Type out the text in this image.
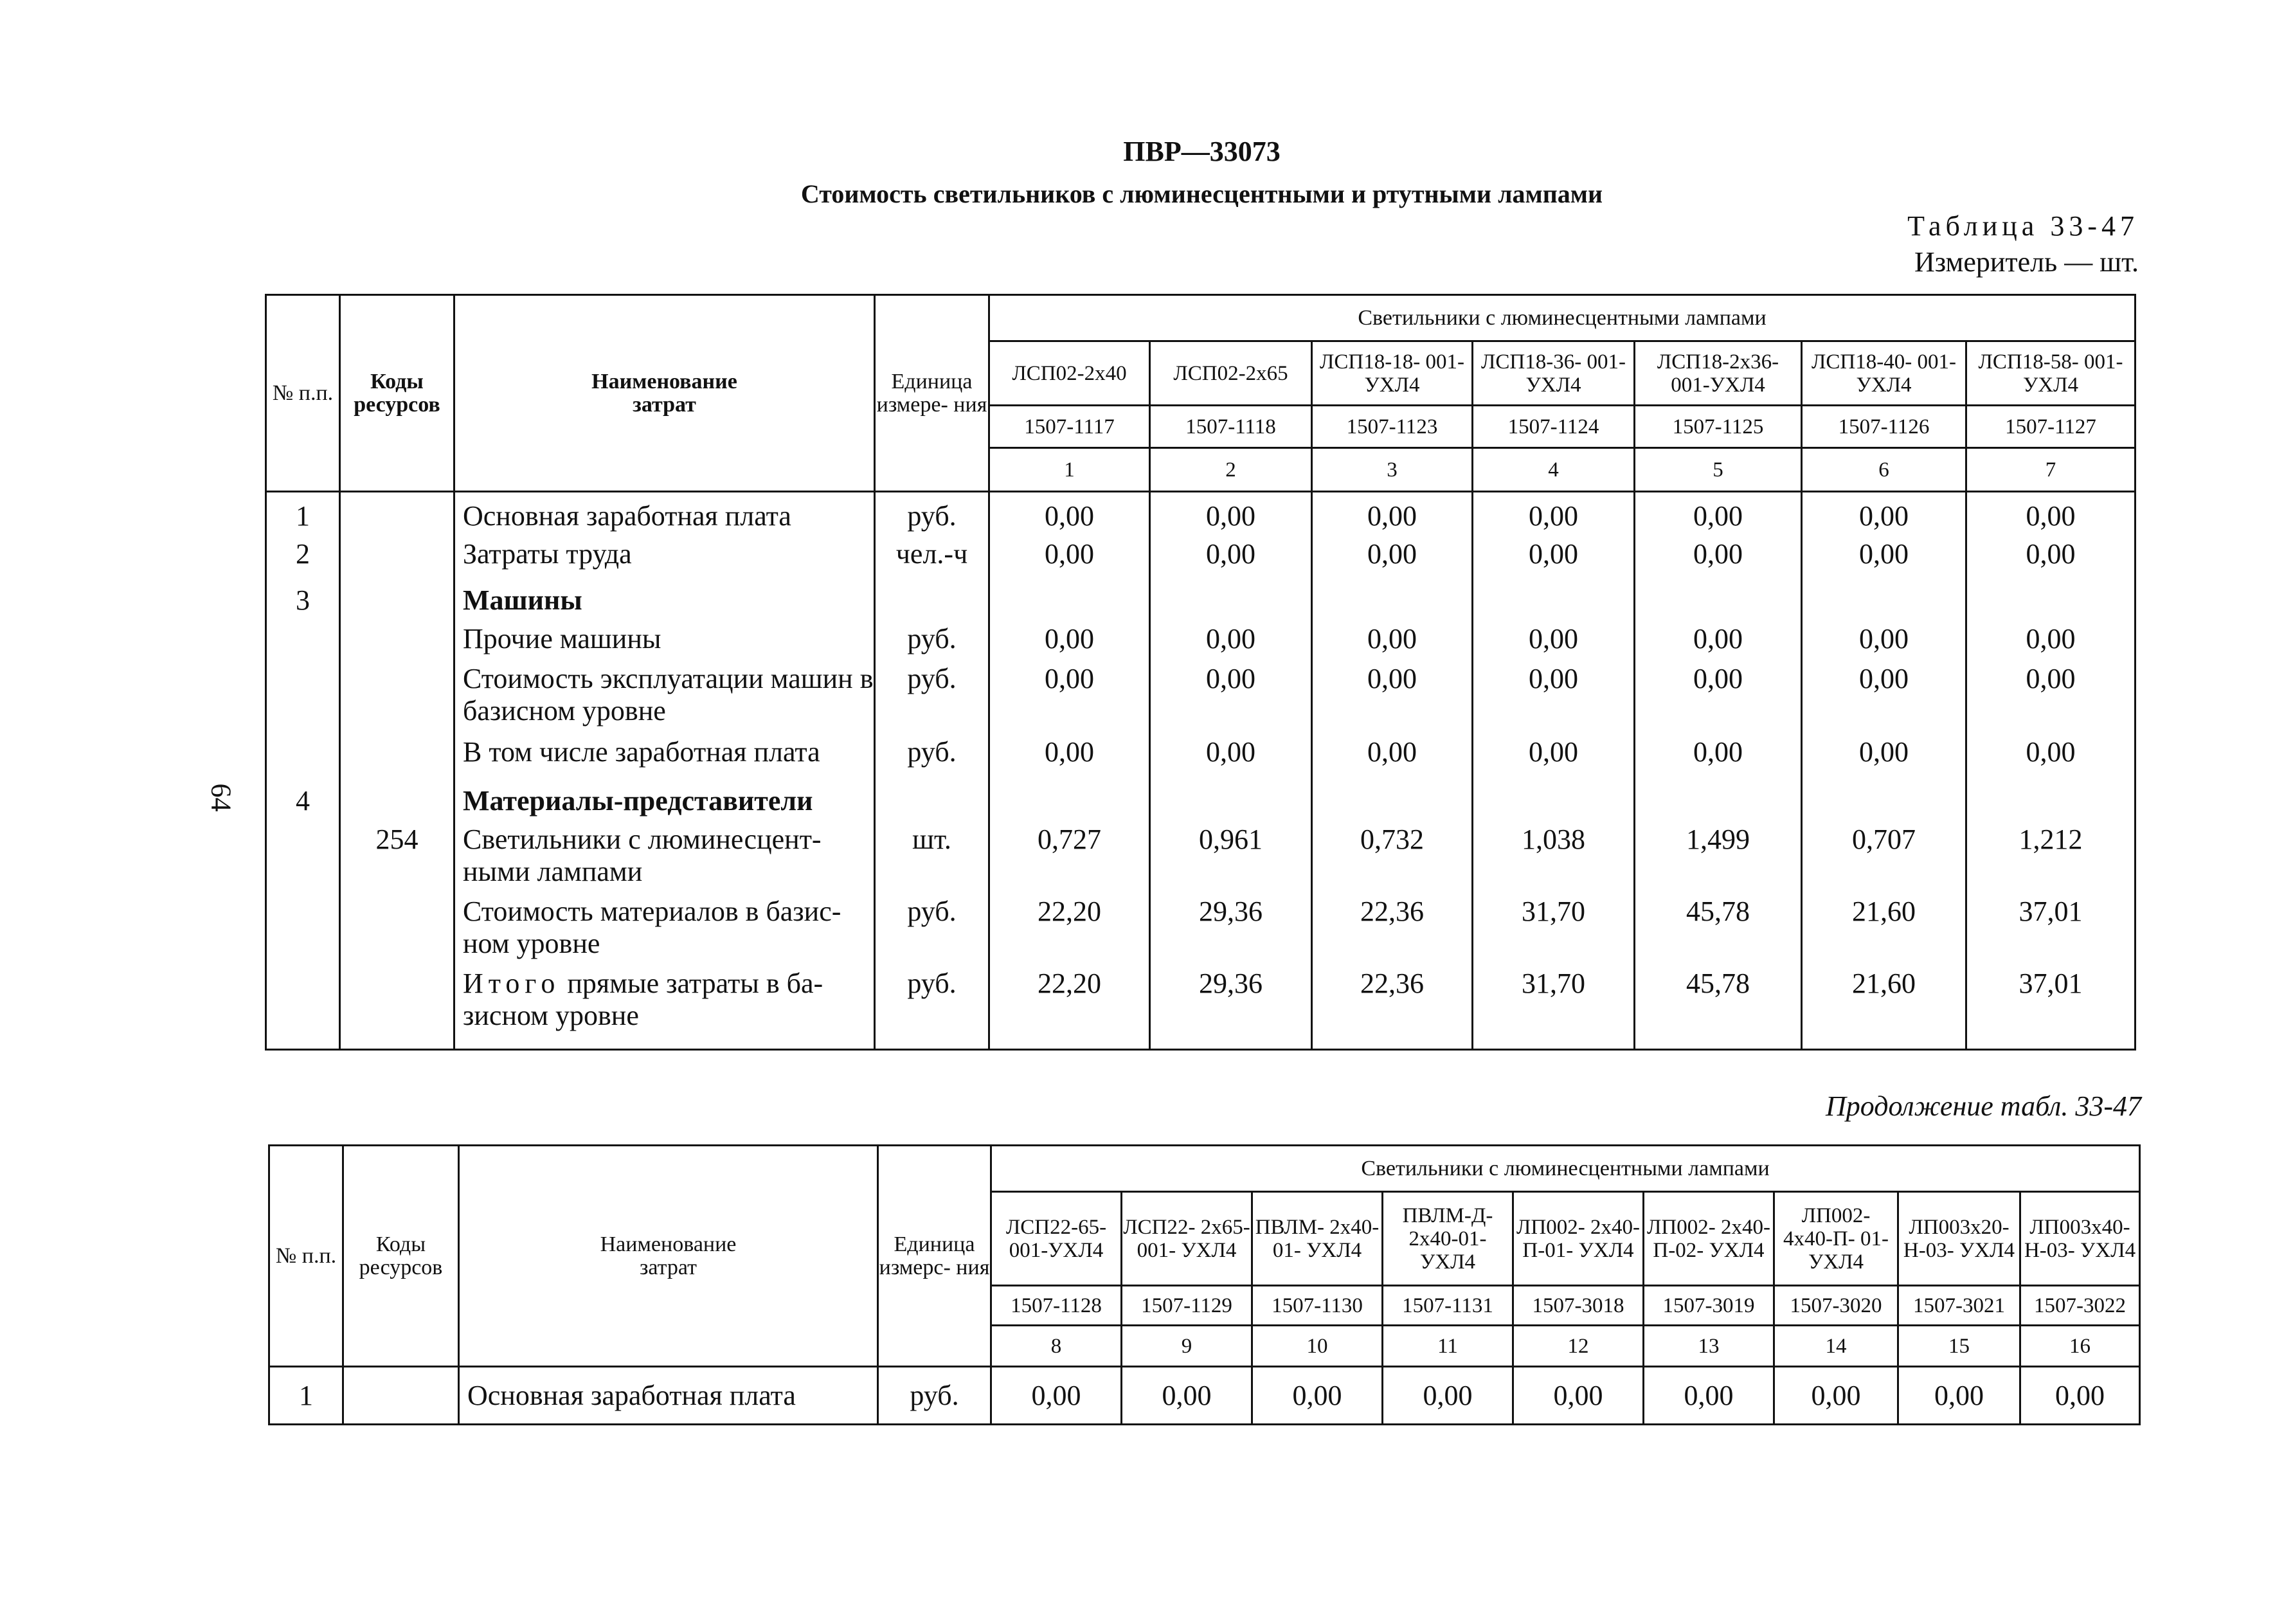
ПВР—33073
Стоимость светильников с люминесцентными и ртутными лампами
Таблица 33-47
Измеритель — шт.
64
№ п.п.	Коды ресурсов	Наименование затрат	Единица измере- ния	Светильники с люминесцентными лампами						
				ЛСП02-2х40	ЛСП02-2х65	ЛСП18-18- 001-УХЛ4	ЛСП18-36- 001-УХЛ4	ЛСП18-2х36- 001-УХЛ4	ЛСП18-40- 001-УХЛ4	ЛСП18-58- 001-УХЛ4
				1507-1117	1507-1118	1507-1123	1507-1124	1507-1125	1507-1126	1507-1127
				1	2	3	4	5	6	7
1		Основная заработная плата	руб.	0,00	0,00	0,00	0,00	0,00	0,00	0,00
2		Затраты труда	чел.-ч	0,00	0,00	0,00	0,00	0,00	0,00	0,00
3		Машины								
		Прочие машины	руб.	0,00	0,00	0,00	0,00	0,00	0,00	0,00
		Стоимость эксплуатации машин в базисном уровне	руб.	0,00	0,00	0,00	0,00	0,00	0,00	0,00
		В том числе заработная плата	руб.	0,00	0,00	0,00	0,00	0,00	0,00	0,00
4		Материалы-представители								
	254	Светильники с люминесцент- ными лампами	шт.	0,727	0,961	0,732	1,038	1,499	0,707	1,212
		Стоимость материалов в базис- ном уровне	руб.	22,20	29,36	22,36	31,70	45,78	21,60	37,01
		Итого прямые затраты в ба- зисном уровне	руб.	22,20	29,36	22,36	31,70	45,78	21,60	37,01
Продолжение табл. 33-47
№ п.п.	Коды ресурсов	Наименование затрат	Единица измерс- ния	Светильники с люминесцентными лампами								
				ЛСП22-65- 001-УХЛ4	ЛСП22- 2х65-001- УХЛ4	ПВЛМ- 2х40-01- УХЛ4	ПВЛМ-Д- 2х40-01- УХЛ4	ЛП002- 2х40-П-01- УХЛ4	ЛП002- 2х40-П-02- УХЛ4	ЛП002- 4х40-П- 01-УХЛ4	ЛП003х20- Н-03- УХЛ4	ЛП003х40- Н-03- УХЛ4
				1507-1128	1507-1129	1507-1130	1507-1131	1507-3018	1507-3019	1507-3020	1507-3021	1507-3022
				8	9	10	11	12	13	14	15	16
1		Основная заработная плата	руб.	0,00	0,00	0,00	0,00	0,00	0,00	0,00	0,00	0,00
